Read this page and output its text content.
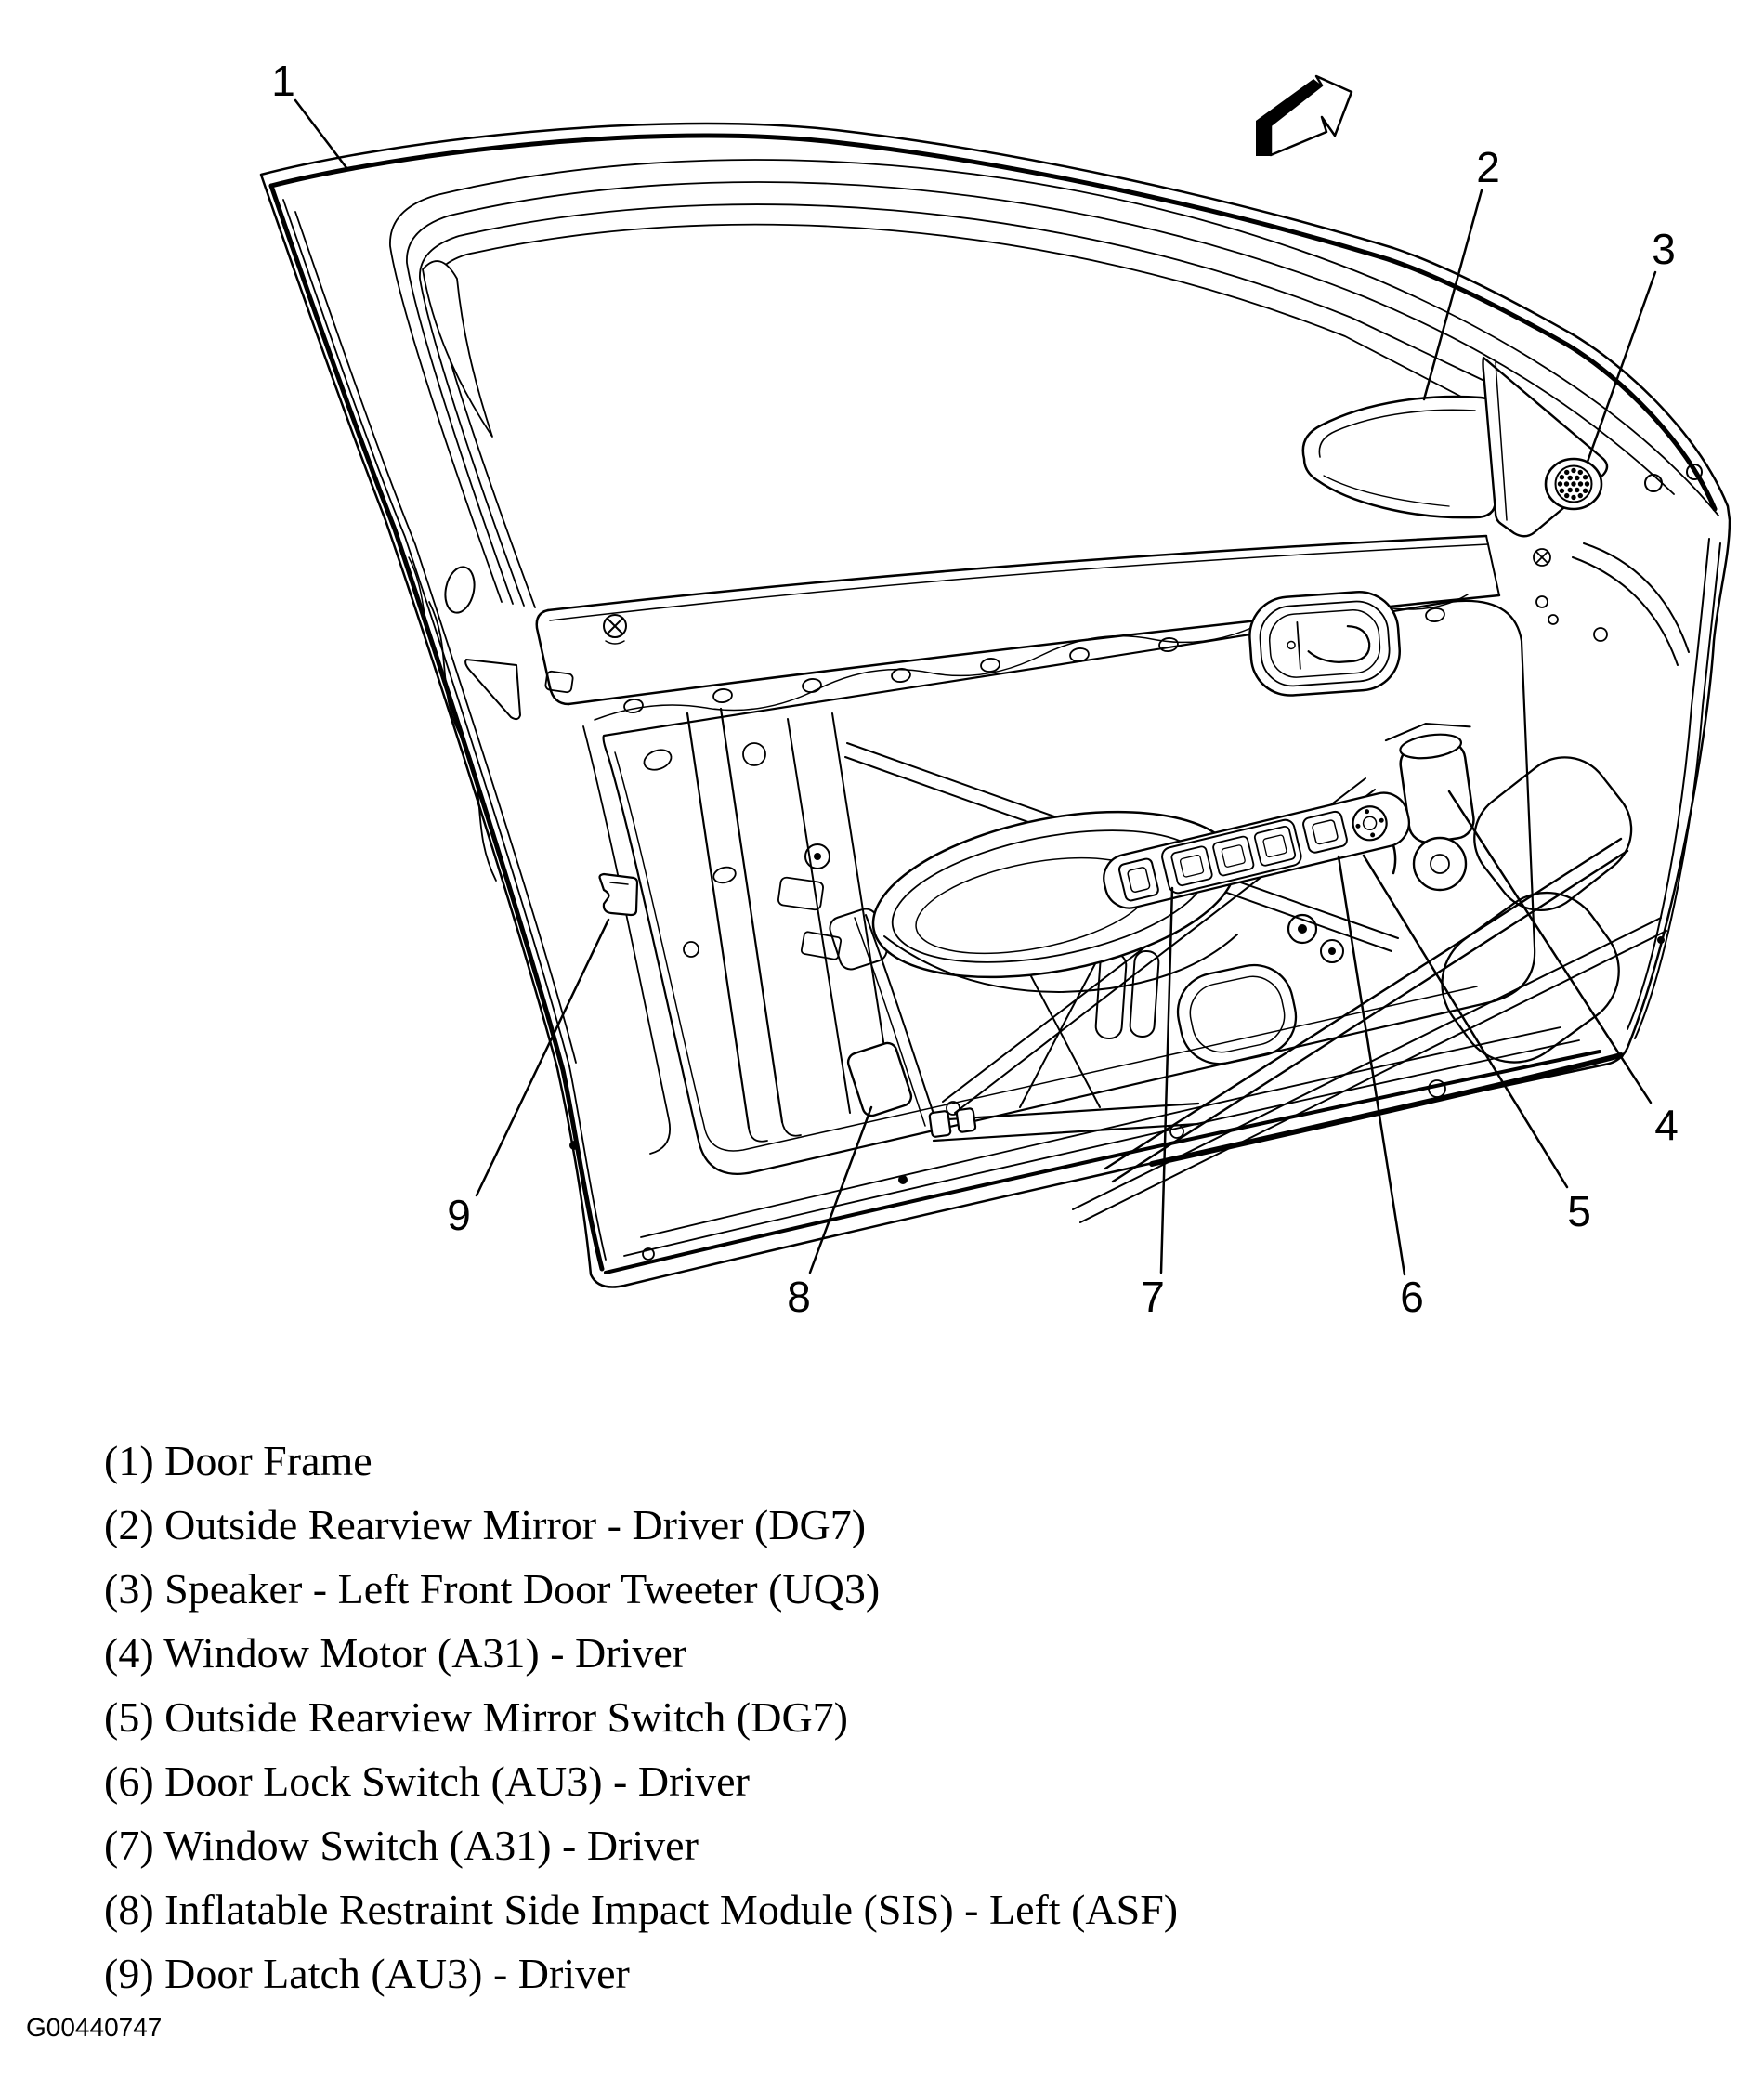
1
2
3
4
5
6
7
8
9
(1) Door Frame
(2) Outside Rearview Mirror - Driver (DG7)
(3) Speaker - Left Front Door Tweeter (UQ3)
(4) Window Motor (A31) - Driver
(5) Outside Rearview Mirror Switch (DG7)
(6) Door Lock Switch (AU3) - Driver
(7) Window Switch (A31) - Driver
(8) Inflatable Restraint Side Impact Module (SIS) - Left (ASF)
(9) Door Latch (AU3) - Driver
G00440747
